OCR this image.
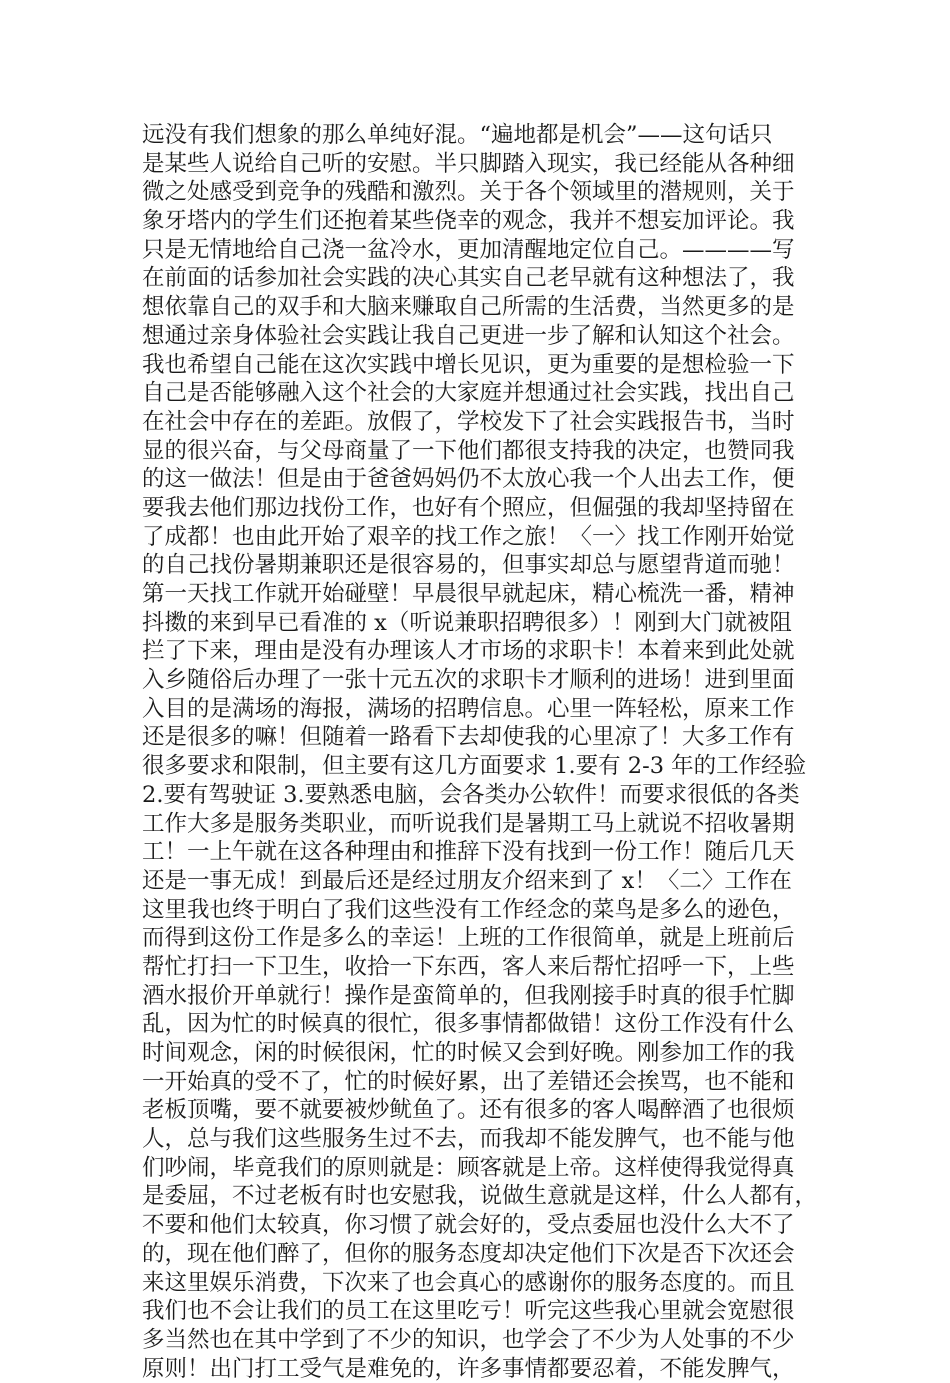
远没有我们想象的那么单纯好混。“遍地都是机会”——这句话只
是某些人说给自己听的安慰。半只脚踏入现实，我已经能从各种细
微之处感受到竞争的残酷和激烈。关于各个领域里的潜规则，关于
象牙塔内的学生们还抱着某些侥幸的观念，我并不想妄加评论。我
只是无情地给自己浇一盆冷水，更加清醒地定位自己。————写
在前面的话参加社会实践的决心其实自己老早就有这种想法了，我
想依靠自己的双手和大脑来赚取自己所需的生活费，当然更多的是
想通过亲身体验社会实践让我自己更进一步了解和认知这个社会。
我也希望自己能在这次实践中增长见识，更为重要的是想检验一下
自己是否能够融入这个社会的大家庭并想通过社会实践，找出自己
在社会中存在的差距。放假了，学校发下了社会实践报告书，当时
显的很兴奋，与父母商量了一下他们都很支持我的决定，也赞同我
的这一做法！但是由于爸爸妈妈仍不太放心我一个人出去工作，便
要我去他们那边找份工作，也好有个照应，但倔强的我却坚持留在
了成都！也由此开始了艰辛的找工作之旅！〈一〉找工作刚开始觉
的自己找份暑期兼职还是很容易的，但事实却总与愿望背道而驰！
第一天找工作就开始碰壁！早晨很早就起床，精心梳洗一番，精神
抖擞的来到早已看准的 x（听说兼职招聘很多）！刚到大门就被阻
拦了下来，理由是没有办理该人才市场的求职卡！本着来到此处就
入乡随俗后办理了一张十元五次的求职卡才顺利的进场！进到里面
入目的是满场的海报，满场的招聘信息。心里一阵轻松，原来工作
还是很多的嘛！但随着一路看下去却使我的心里凉了！大多工作有
很多要求和限制，但主要有这几方面要求 1.要有 2-3 年的工作经验
2.要有驾驶证 3.要熟悉电脑，会各类办公软件！而要求很低的各类
工作大多是服务类职业，而听说我们是暑期工马上就说不招收暑期
工！一上午就在这各种理由和推辞下没有找到一份工作！随后几天
还是一事无成！到最后还是经过朋友介绍来到了 x！〈二〉工作在
这里我也终于明白了我们这些没有工作经念的菜鸟是多么的逊色，
而得到这份工作是多么的幸运！上班的工作很简单，就是上班前后
帮忙打扫一下卫生，收拾一下东西，客人来后帮忙招呼一下，上些
酒水报价开单就行！操作是蛮简单的，但我刚接手时真的很手忙脚
乱，因为忙的时候真的很忙，很多事情都做错！这份工作没有什么
时间观念，闲的时候很闲，忙的时候又会到好晚。刚参加工作的我
一开始真的受不了，忙的时候好累，出了差错还会挨骂，也不能和
老板顶嘴，要不就要被炒鱿鱼了。还有很多的客人喝醉酒了也很烦
人，总与我们这些服务生过不去，而我却不能发脾气，也不能与他
们吵闹，毕竟我们的原则就是：顾客就是上帝。这样使得我觉得真
是委屈，不过老板有时也安慰我，说做生意就是这样，什么人都有，
不要和他们太较真，你习惯了就会好的，受点委屈也没什么大不了
的，现在他们醉了，但你的服务态度却决定他们下次是否下次还会
来这里娱乐消费，下次来了也会真心的感谢你的服务态度的。而且
我们也不会让我们的员工在这里吃亏！听完这些我心里就会宽慰很
多当然也在其中学到了不少的知识，也学会了不少为人处事的不少
原则！出门打工受气是难免的，许多事情都要忍着，不能发脾气，
